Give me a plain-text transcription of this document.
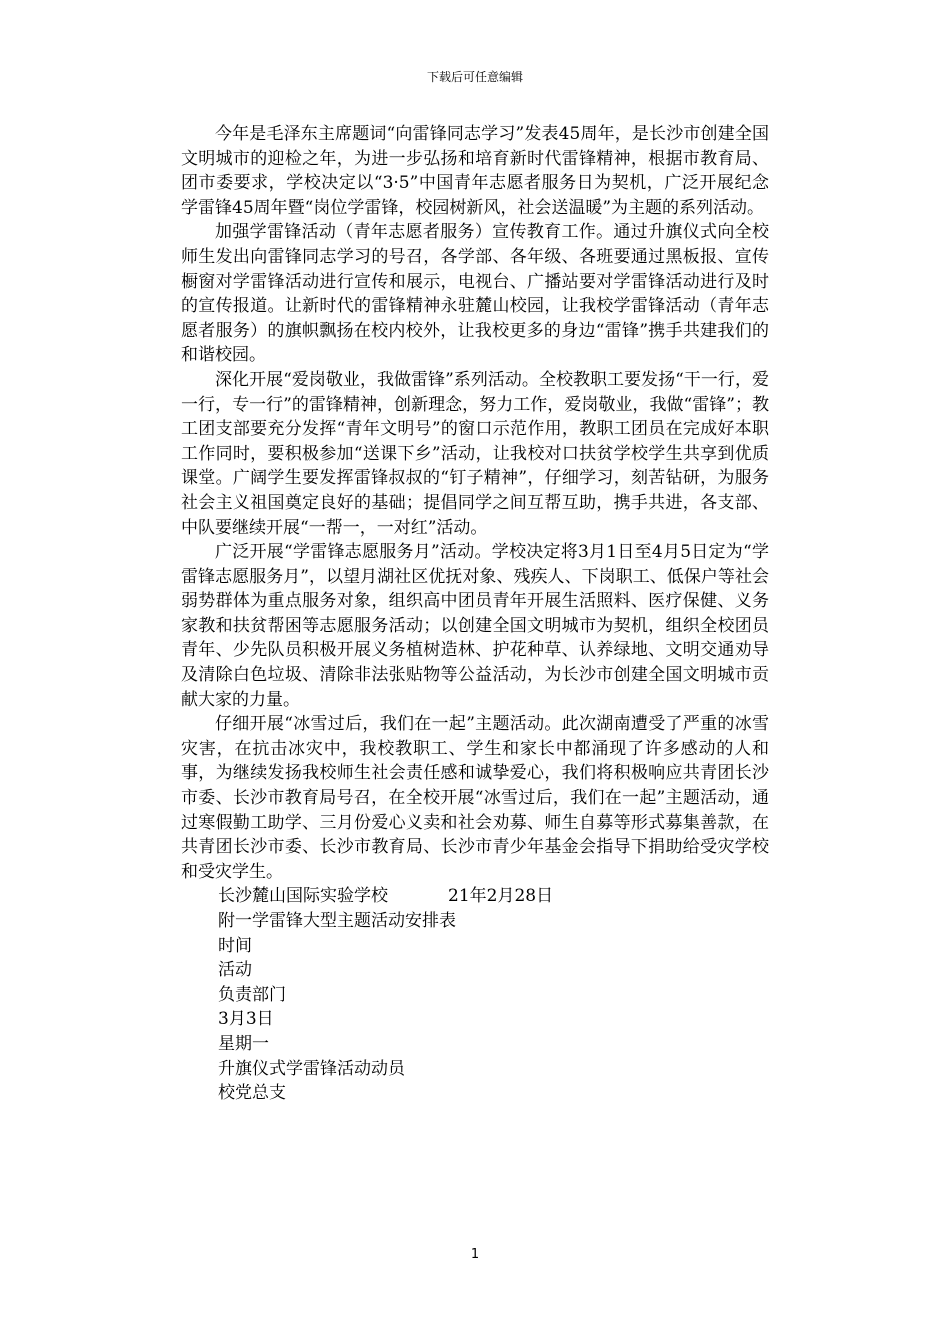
下载后可任意编辑

今年是毛泽东主席题词“向雷锋同志学习”发表45周年，是长沙市创建全国文明城市的迎检之年，为进一步弘扬和培育新时代雷锋精神，根据市教育局、团市委要求，学校决定以“3·5”中国青年志愿者服务日为契机，广泛开展纪念学雷锋45周年暨“岗位学雷锋，校园树新风，社会送温暖”为主题的系列活动。

加强学雷锋活动（青年志愿者服务）宣传教育工作。通过升旗仪式向全校师生发出向雷锋同志学习的号召，各学部、各年级、各班要通过黑板报、宣传橱窗对学雷锋活动进行宣传和展示，电视台、广播站要对学雷锋活动进行及时的宣传报道。让新时代的雷锋精神永驻麓山校园，让我校学雷锋活动（青年志愿者服务）的旗帜飘扬在校内校外，让我校更多的身边“雷锋”携手共建我们的和谐校园。

深化开展“爱岗敬业，我做雷锋”系列活动。全校教职工要发扬“干一行，爱一行，专一行”的雷锋精神，创新理念，努力工作，爱岗敬业，我做“雷锋”；教工团支部要充分发挥“青年文明号”的窗口示范作用，教职工团员在完成好本职工作同时，要积极参加“送课下乡”活动，让我校对口扶贫学校学生共享到优质课堂。广阔学生要发挥雷锋叔叔的“钉子精神”，仔细学习，刻苦钻研，为服务社会主义祖国奠定良好的基础；提倡同学之间互帮互助，携手共进，各支部、中队要继续开展“一帮一，一对红”活动。

广泛开展“学雷锋志愿服务月”活动。学校决定将3月1日至4月5日定为“学雷锋志愿服务月”，以望月湖社区优抚对象、残疾人、下岗职工、低保户等社会弱势群体为重点服务对象，组织高中团员青年开展生活照料、医疗保健、义务家教和扶贫帮困等志愿服务活动；以创建全国文明城市为契机，组织全校团员青年、少先队员积极开展义务植树造林、护花种草、认养绿地、文明交通劝导及清除白色垃圾、清除非法张贴物等公益活动，为长沙市创建全国文明城市贡献大家的力量。

仔细开展“冰雪过后，我们在一起”主题活动。此次湖南遭受了严重的冰雪灾害，在抗击冰灾中，我校教职工、学生和家长中都涌现了许多感动的人和事，为继续发扬我校师生社会责任感和诚挚爱心，我们将积极响应共青团长沙市委、长沙市教育局号召，在全校开展“冰雪过后，我们在一起”主题活动，通过寒假勤工助学、三月份爱心义卖和社会劝募、师生自募等形式募集善款，在共青团长沙市委、长沙市教育局、长沙市青少年基金会指导下捐助给受灾学校和受灾学生。

长沙麓山国际实验学校	21年2月28日
附一学雷锋大型主题活动安排表
时间
活动
负责部门
3月3日
星期一
升旗仪式学雷锋活动动员
校党总支
1
